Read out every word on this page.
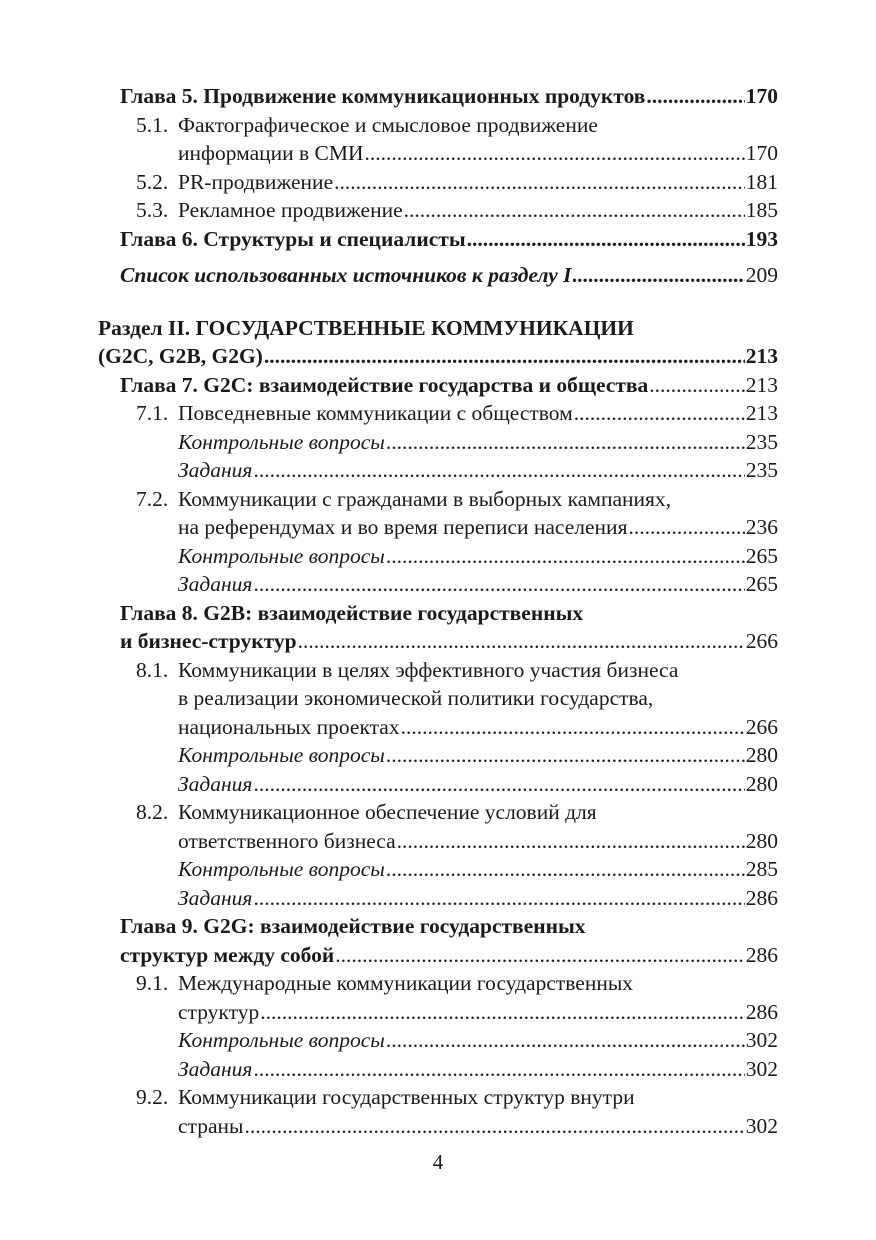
Глава 5. Продвижение коммуникационных продуктов .....	170
5.1. Фактографическое и смысловое продвижение
информации в СМИ .....	170
5.2. PR-продвижение .....	181
5.3. Рекламное продвижение .....	185
Глава 6. Структуры и специалисты .....	193
Список использованных источников к разделу I .....	209
Раздел II. ГОСУДАРСТВЕННЫЕ КОММУНИКАЦИИ
(G2C, G2B, G2G) .....	213
Глава 7. G2C: взаимодействие государства и общества .....	213
7.1. Повседневные коммуникации с обществом .....	213
Контрольные вопросы .....	235
Задания .....	235
7.2. Коммуникации с гражданами в выборных кампаниях,
на референдумах и во время переписи населения .....	236
Контрольные вопросы .....	265
Задания .....	265
Глава 8. G2B: взаимодействие государственных
и бизнес-структур .....	266
8.1. Коммуникации в целях эффективного участия бизнеса
в реализации экономической политики государства,
национальных проектах .....	266
Контрольные вопросы .....	280
Задания .....	280
8.2. Коммуникационное обеспечение условий для
ответственного бизнеса .....	280
Контрольные вопросы .....	285
Задания .....	286
Глава 9. G2G: взаимодействие государственных
структур между собой .....	286
9.1. Международные коммуникации государственных
структур .....	286
Контрольные вопросы .....	302
Задания .....	302
9.2. Коммуникации государственных структур внутри
страны .....	302
4
